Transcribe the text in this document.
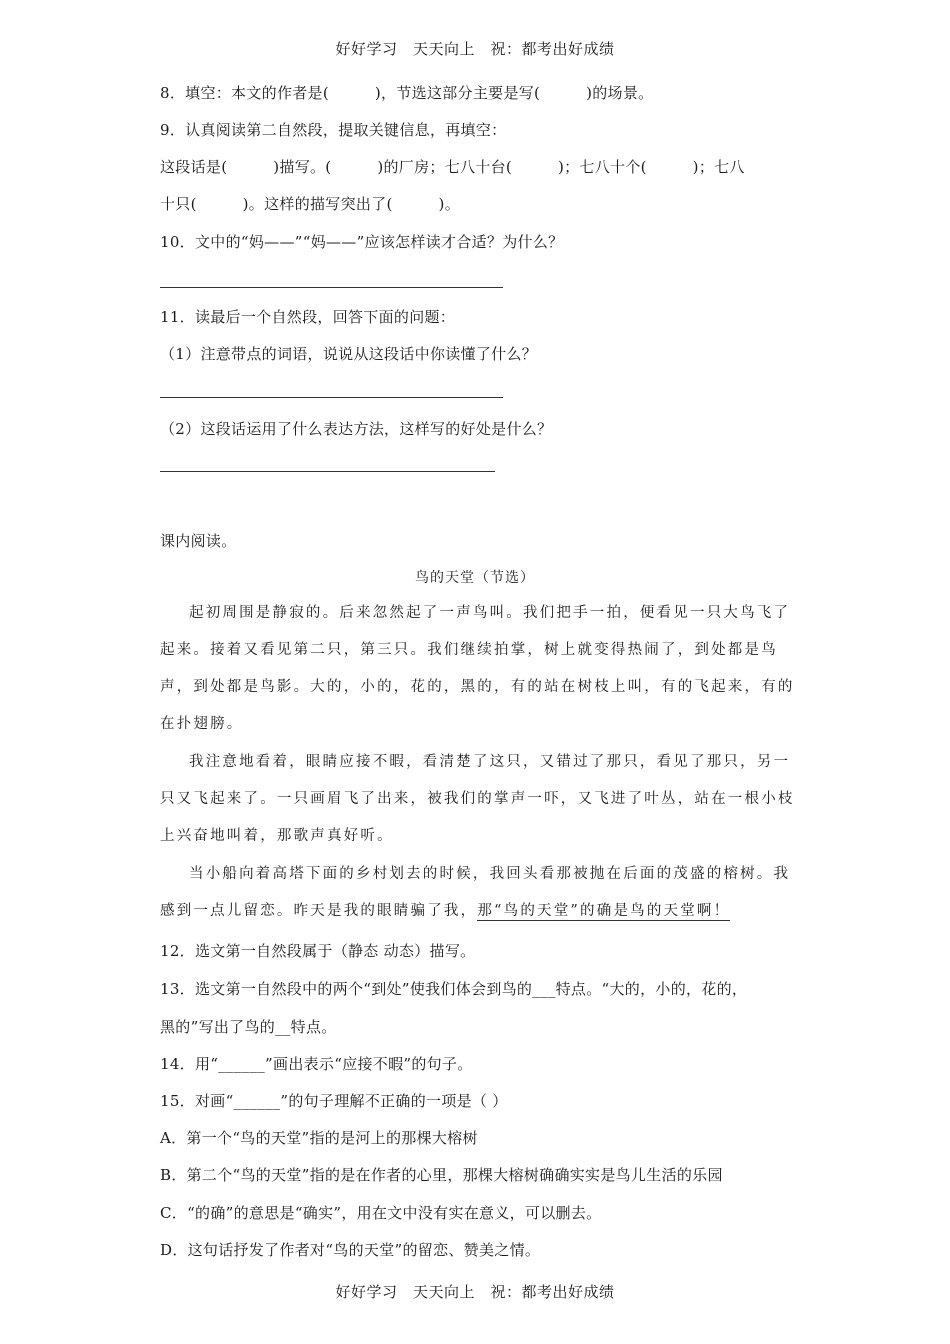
好好学习　天天向上　祝：都考出好成绩
8．填空：本文的作者是(　　　)，节选这部分主要是写(　　　)的场景。
9．认真阅读第二自然段，提取关键信息，再填空：
这段话是(　　　)描写。(　　　)的厂房；七八十台(　　　)；七八十个(　　　)；七八
十只(　　　)。这样的描写突出了(　　　)。
10．文中的“妈——”“妈——”应该怎样读才合适？为什么？
11．读最后一个自然段，回答下面的问题：
（1）注意带点的词语，说说从这段话中你读懂了什么？
（2）这段话运用了什么表达方法，这样写的好处是什么？
课内阅读。
鸟的天堂（节选）

起初周围是静寂的。后来忽然起了一声鸟叫。我们把手一拍，便看见一只大鸟飞了起来。接着又看见第二只，第三只。我们继续拍掌，树上就变得热闹了，到处都是鸟声，到处都是鸟影。大的，小的，花的，黑的，有的站在树枝上叫，有的飞起来，有的在扑翅膀。

我注意地看着，眼睛应接不暇，看清楚了这只，又错过了那只，看见了那只，另一只又飞起来了。一只画眉飞了出来，被我们的掌声一吓，又飞进了叶丛，站在一根小枝上兴奋地叫着，那歌声真好听。

当小船向着高塔下面的乡村划去的时候，我回头看那被抛在后面的茂盛的榕树。我感到一点儿留恋。昨天是我的眼睛骗了我，那“鸟的天堂”的确是鸟的天堂啊！

12．选文第一自然段属于（静态 动态）描写。
13．选文第一自然段中的两个“到处”使我们体会到鸟的___特点。“大的，小的，花的，
黑的”写出了鸟的__特点。
14．用“______”画出表示“应接不暇”的句子。
15．对画“______”的句子理解不正确的一项是（ ）
A．第一个“鸟的天堂”指的是河上的那棵大榕树
B．第二个“鸟的天堂”指的是在作者的心里，那棵大榕树确确实实是鸟儿生活的乐园
C．“的确”的意思是“确实”，用在文中没有实在意义，可以删去。
D．这句话抒发了作者对“鸟的天堂”的留恋、赞美之情。
好好学习　天天向上　祝：都考出好成绩
